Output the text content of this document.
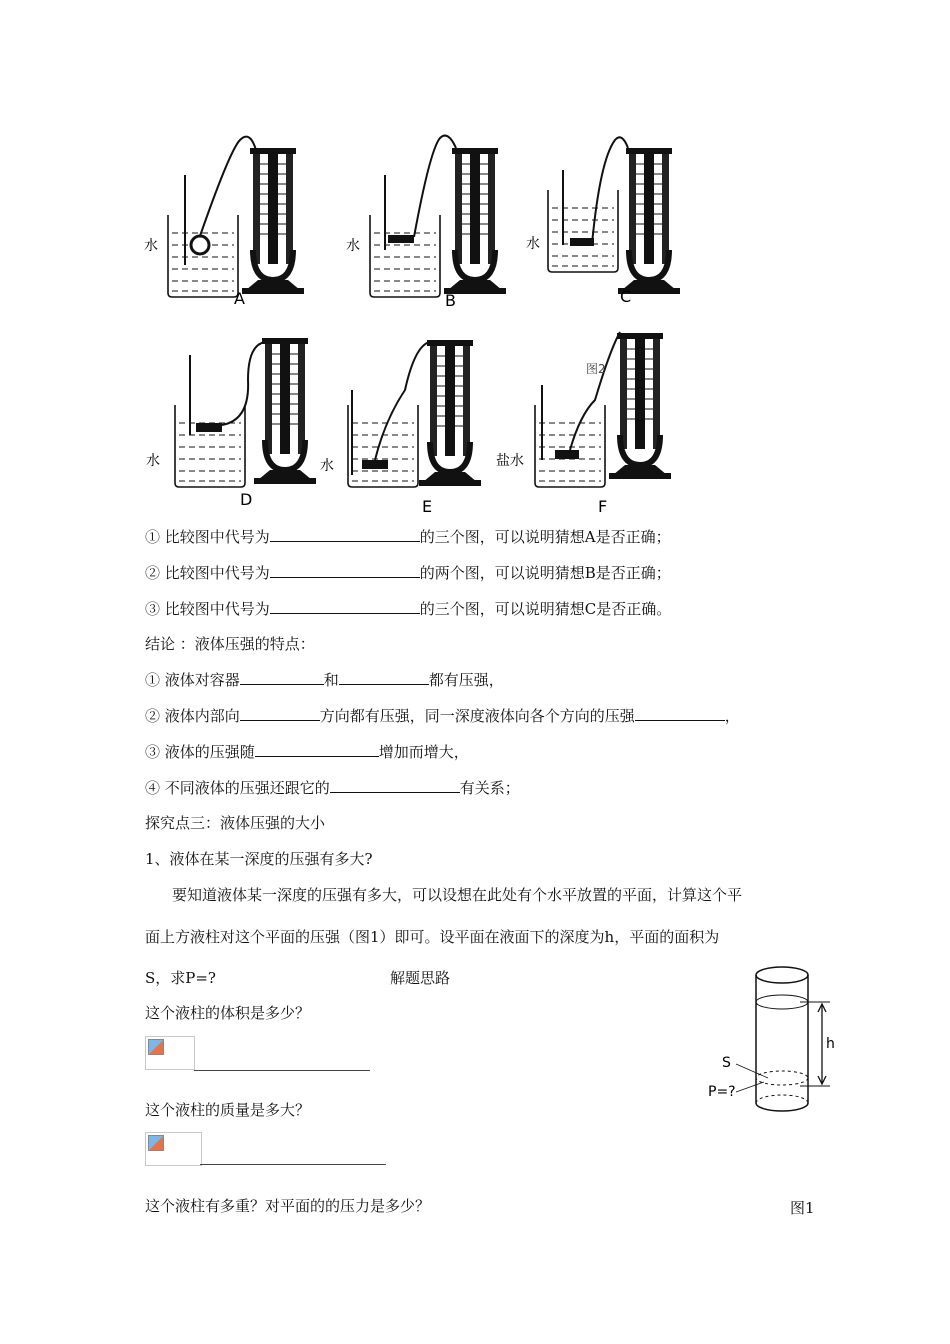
水
A
水
B
水
C
水
D
水
E
盐水
F
图2
① 比较图中代号为	的三个图，可以说明猜想A是否正确；
② 比较图中代号为	的两个图，可以说明猜想B是否正确；
③ 比较图中代号为	的三个图，可以说明猜想C是否正确。
结论 ：液体压强的特点：
① 液体对容器	和	都有压强，
② 液体内部向	方向都有压强，同一深度液体向各个方向的压强	，
③ 液体的压强随	增加而增大，
④ 不同液体的压强还跟它的	有关系；
探究点三：液体压强的大小
1、液体在某一深度的压强有多大?
要知道液体某一深度的压强有多大，可以设想在此处有个水平放置的平面，计算这个平
面上方液柱对这个平面的压强（图1）即可。设平面在液面下的深度为h，平面的面积为
S，求P=?	解题思路
这个液柱的体积是多少？
这个液柱的质量是多大？
这个液柱有多重？对平面的的压力是多少？
h
S
P=?
图1
